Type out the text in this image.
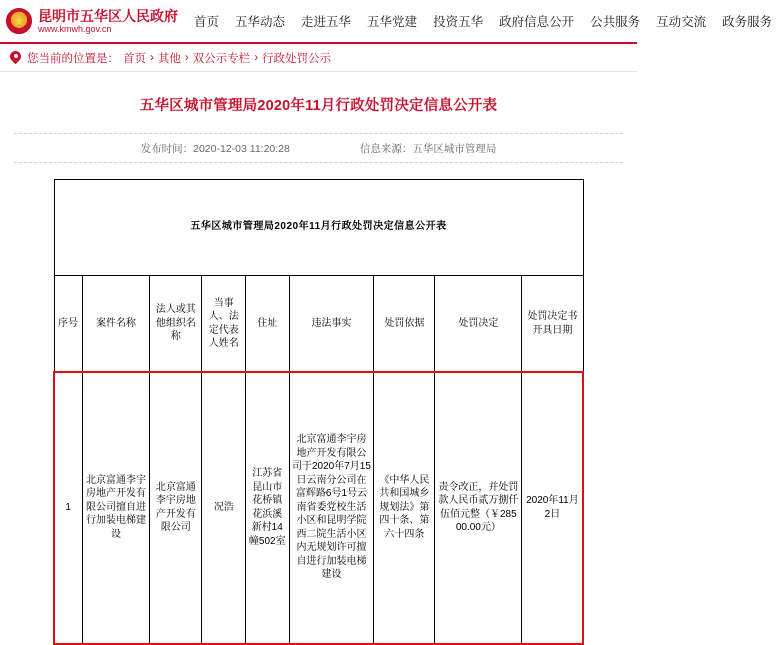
昆明市五华区人民政府
www.kmwh.gov.cn	首页	五华动态	走进五华	五华党建	投资五华	政府信息公开	公共服务	互动交流	政务服务
您当前的位置是： 首页 › 其他 › 双公示专栏 › 行政处罚公示
五华区城市管理局2020年11月行政处罚决定信息公开表
发布时间：2020-12-03 11:20:28	信息来源：五华区城市管理局
五华区城市管理局2020年11月行政处罚决定信息公开表								
序号	案件名称	法人或其他组织名称	当事人、法定代表人姓名	住址	违法事实	处罚依据	处罚决定	处罚决定书开具日期
1	北京富通李宇房地产开发有限公司擅自进行加装电梯建设	北京富通李宇房地产开发有限公司	况浩	江苏省昆山市花桥镇花浜溪新村14幢502室	北京富通李宇房地产开发有限公司于2020年7月15日云南分公司在富辉路6号1号云南省委党校生活小区和昆明学院西二院生活小区内无规划许可擅自进行加装电梯建设	《中华人民共和国城乡规划法》第四十条、第六十四条	责令改正，并处罚款人民币贰万捌仟伍佰元整（￥28500.00元）	2020年11月2日
